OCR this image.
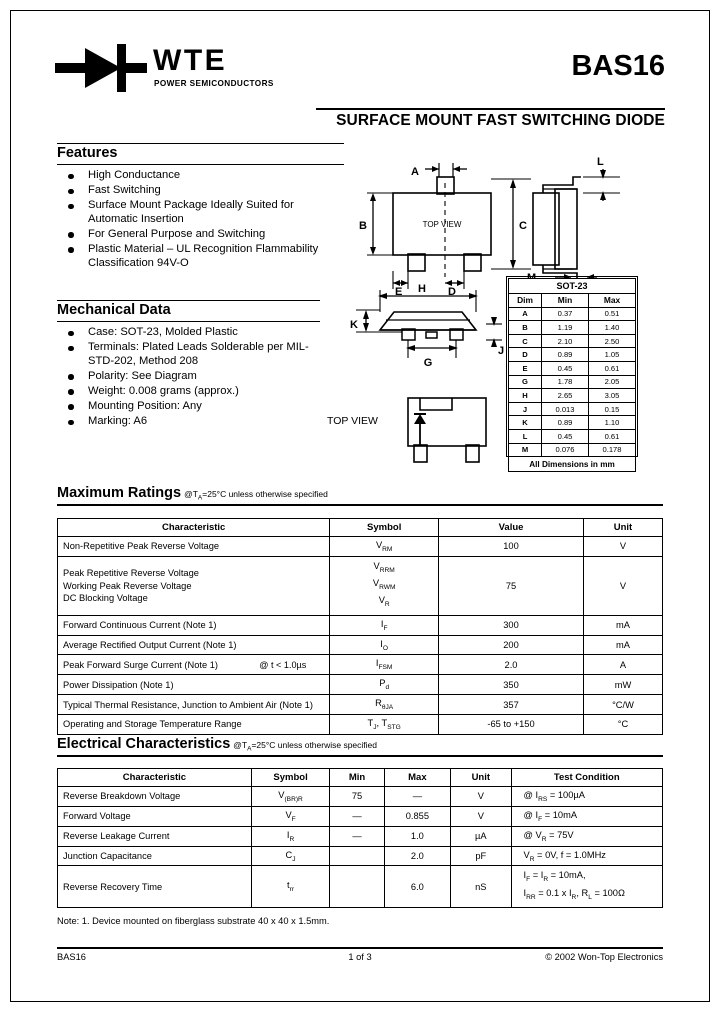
WTE
POWER SEMICONDUCTORS
BAS16
SURFACE MOUNT FAST SWITCHING DIODE
Features
High Conductance
Fast Switching
Surface Mount Package Ideally Suited for Automatic Insertion
For General Purpose and Switching
Plastic Material – UL Recognition Flammability Classification 94V-O
Mechanical Data
Case: SOT-23, Molded Plastic
Terminals: Plated Leads Solderable per MIL-STD-202, Method 208
Polarity: See Diagram
Weight: 0.008 grams (approx.)
Mounting Position: Any
Marking: A6
TOP VIEW
A
B	C
E	D
L
H
K
G
J
TOP VIEW
SOT-23		
Dim	Min	Max
A	0.37	0.51
B	1.19	1.40
C	2.10	2.50
D	0.89	1.05
E	0.45	0.61
G	1.78	2.05
H	2.65	3.05
J	0.013	0.15
K	0.89	1.10
L	0.45	0.61
M	0.076	0.178
All Dimensions in mm		
Maximum Ratings $@T_A=25^\circ C$ unless otherwise specified
Characteristic	Symbol	Value	Unit
Non-Repetitive Peak Reverse Voltage	$V_{RM}$	100	V
Peak Repetitive Reverse Voltage
Working Peak Reverse Voltage
DC Blocking Voltage	$V_{RRM}$
$V_{RWM}$
$V_R$	75	V
Forward Continuous Current (Note 1)	$I_F$	300	mA
Average Rectified Output Current (Note 1)	$I_O$	200	mA

@ t < 1.0µs
Peak Forward Surge Current (Note 1)	$I_{FSM}$	2.0	A
Power Dissipation (Note 1)	$P_d$	350	mW
Typical Thermal Resistance, Junction to Ambient Air (Note 1)	$R_{\theta JA}$	357	°C/W
Operating and Storage Temperature Range	$T_J$, $T_{STG}$	-65 to +150	°C
Electrical Characteristics $@T_A=25^\circ C$ unless otherwise specified
Characteristic	Symbol	Min	Max	Unit	Test Condition
Reverse Breakdown Voltage	$V_{(BR)R}$	75	—	V	@ $I_{RS} = 100\mu A$
Forward Voltage	$V_F$	—	0.855	V	@ $I_F = 10mA$
Reverse Leakage Current	$I_R$	—	1.0	µA	@ $V_R = 75V$
Junction Capacitance	$C_J$		2.0	pF	$V_R = 0V$, f = 1.0MHz
Reverse Recovery Time	$t_{rr}$		6.0	nS	$I_F = I_R = 10mA$,
$I_{RR} = 0.1$ x $I_R$, $R_L = 100\Omega$
Note: 1. Device mounted on fiberglass substrate 40 x 40 x 1.5mm.
BAS16	1 of 3	© 2002 Won-Top Electronics
